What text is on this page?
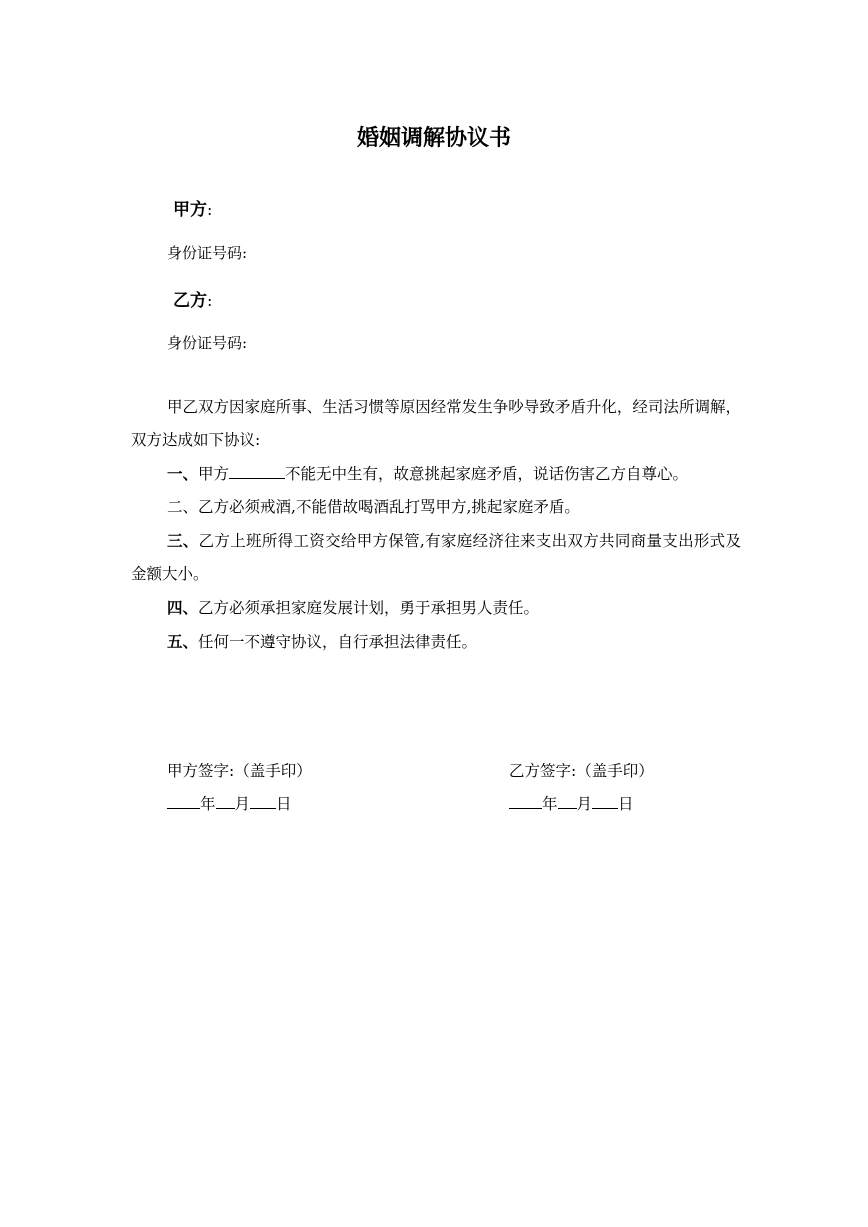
婚姻调解协议书
甲方:
身份证号码:
乙方:
身份证号码:

甲乙双方因家庭所事、生活习惯等原因经常发生争吵导致矛盾升化，经司法所调解，双方达成如下协议:

一、甲方	不能无中生有，故意挑起家庭矛盾，说话伤害乙方自尊心。

二、乙方必须戒酒,不能借故喝酒乱打骂甲方,挑起家庭矛盾。

三、乙方上班所得工资交给甲方保管,有家庭经济往来支出双方共同商量支出形式及金额大小。

四、乙方必须承担家庭发展计划，勇于承担男人责任。

五、任何一不遵守协议，自行承担法律责任。

甲方签字:（盖手印）
年 月 日
乙方签字:（盖手印）
年 月 日
